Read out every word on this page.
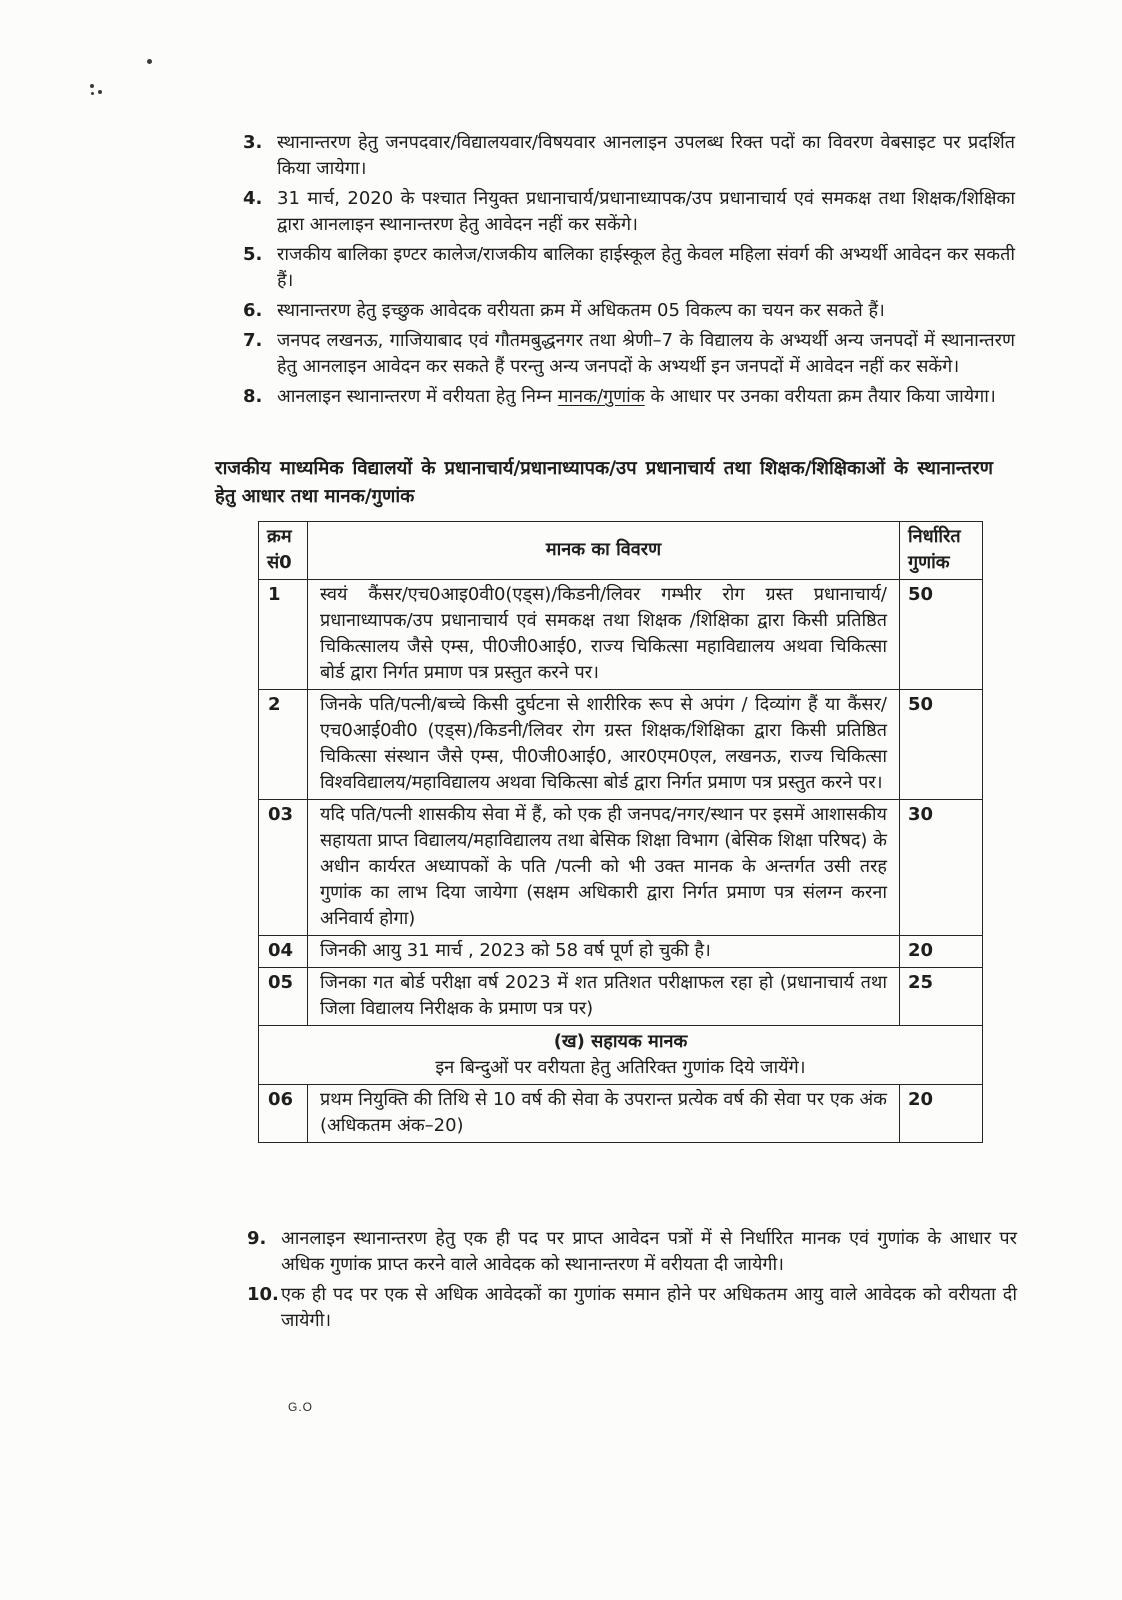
3. स्थानान्तरण हेतु जनपदवार/विद्यालयवार/विषयवार आनलाइन उपलब्ध रिक्त पदों का विवरण वेबसाइट पर प्रदर्शित किया जायेगा।
4. 31 मार्च, 2020 के पश्चात नियुक्त प्रधानाचार्य/प्रधानाध्यापक/उप प्रधानाचार्य एवं समकक्ष तथा शिक्षक/शिक्षिका द्वारा आनलाइन स्थानान्तरण हेतु आवेदन नहीं कर सकेंगे।
5. राजकीय बालिका इण्टर कालेज/राजकीय बालिका हाईस्कूल हेतु केवल महिला संवर्ग की अभ्यर्थी आवेदन कर सकती हैं।
6. स्थानान्तरण हेतु इच्छुक आवेदक वरीयता क्रम में अधिकतम 05 विकल्प का चयन कर सकते हैं।
7. जनपद लखनऊ, गाजियाबाद एवं गौतमबुद्धनगर तथा श्रेणी–7 के विद्यालय के अभ्यर्थी अन्य जनपदों में स्थानान्तरण हेतु आनलाइन आवेदन कर सकते हैं परन्तु अन्य जनपदों के अभ्यर्थी इन जनपदों में आवेदन नहीं कर सकेंगे।
8. आनलाइन स्थानान्तरण में वरीयता हेतु निम्न मानक/गुणांक के आधार पर उनका वरीयता क्रम तैयार किया जायेगा।
राजकीय माध्यमिक विद्यालयों के प्रधानाचार्य/प्रधानाध्यापक/उप प्रधानाचार्य तथा शिक्षक/शिक्षिकाओं के स्थानान्तरण हेतु आधार तथा मानक/गुणांक
क्रम
सं0	मानक का विवरण	निर्धारित गुणांक
1	स्वयं कैंसर/एच0आइ0वी0(एड्स)/किडनी/लिवर गम्भीर रोग ग्रस्त प्रधानाचार्य/प्रधानाध्यापक/उप प्रधानाचार्य एवं समकक्ष तथा शिक्षक /शिक्षिका द्वारा किसी प्रतिष्ठित चिकित्सालय जैसे एम्स, पी0जी0आई0, राज्य चिकित्सा महाविद्यालय अथवा चिकित्सा बोर्ड द्वारा निर्गत प्रमाण पत्र प्रस्तुत करने पर।	50
2	जिनके पति/पत्नी/बच्चे किसी दुर्घटना से शारीरिक रूप से अपंग / दिव्यांग हैं या कैंसर/एच0आई0वी0 (एड्स)/किडनी/लिवर रोग ग्रस्त शिक्षक/शिक्षिका द्वारा किसी प्रतिष्ठित चिकित्सा संस्थान जैसे एम्स, पी0जी0आई0, आर0एम0एल, लखनऊ, राज्य चिकित्सा विश्वविद्यालय/महाविद्यालय अथवा चिकित्सा बोर्ड द्वारा निर्गत प्रमाण पत्र प्रस्तुत करने पर।	50
03	यदि पति/पत्नी शासकीय सेवा में हैं, को एक ही जनपद/नगर/स्थान पर इसमें आशासकीय सहायता प्राप्त विद्यालय/महाविद्यालय तथा बेसिक शिक्षा विभाग (बेसिक शिक्षा परिषद) के अधीन कार्यरत अध्यापकों के पति /पत्नी को भी उक्त मानक के अन्तर्गत उसी तरह गुणांक का लाभ दिया जायेगा (सक्षम अधिकारी द्वारा निर्गत प्रमाण पत्र संलग्न करना अनिवार्य होगा)	30
04	जिनकी आयु 31 मार्च , 2023 को 58 वर्ष पूर्ण हो चुकी है।	20
05	जिनका गत बोर्ड परीक्षा वर्ष 2023 में शत प्रतिशत परीक्षाफल रहा हो (प्रधानाचार्य तथा जिला विद्यालय निरीक्षक के प्रमाण पत्र पर)	25

(ख) सहायक मानक
इन बिन्दुओं पर वरीयता हेतु अतिरिक्त गुणांक दिये जायेंगे।		

06	प्रथम नियुक्ति की तिथि से 10 वर्ष की सेवा के उपरान्त प्रत्येक वर्ष की सेवा पर एक अंक (अधिकतम अंक–20)	20
9. आनलाइन स्थानान्तरण हेतु एक ही पद पर प्राप्त आवेदन पत्रों में से निर्धारित मानक एवं गुणांक के आधार पर अधिक गुणांक प्राप्त करने वाले आवेदक को स्थानान्तरण में वरीयता दी जायेगी।
10. एक ही पद पर एक से अधिक आवेदकों का गुणांक समान होने पर अधिकतम आयु वाले आवेदक को वरीयता दी जायेगी।
G.O
